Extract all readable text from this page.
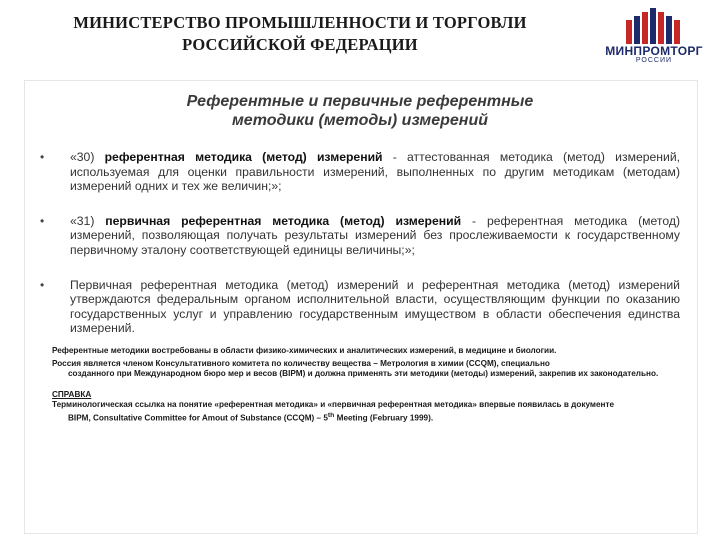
МИНИСТЕРСТВО ПРОМЫШЛЕННОСТИ И ТОРГОВЛИ
РОССИЙСКОЙ ФЕДЕРАЦИИ	МИНПРОМТОРГ
РОССИИ
Референтные и первичные референтные
методики (методы) измерений
• «30) референтная методика (метод) измерений - аттестованная методика (метод) измерений, используемая для оценки правильности измерений, выполненных по другим методикам (методам) измерений одних и тех же величин;»;
• «31) первичная референтная методика (метод) измерений - референтная методика (метод) измерений, позволяющая получать результаты измерений без прослеживаемости к государственному первичному эталону соответствующей единицы величины;»;
• Первичная референтная методика (метод) измерений и референтная методика (метод) измерений утверждаются федеральным органом исполнительной власти, осуществляющим функции по оказанию государственных услуг и управлению государственным имуществом в области обеспечения единства измерений.

Референтные методики востребованы в области физико-химических и аналитических измерений, в медицине и биологии.

Россия является членом Консультативного комитета по количеству вещества – Метрология в химии (CCQM), специально
созданного при Международном бюро мер и весов (BIPM) и должна применять эти методики (методы) измерений, закрепив их законодательно.

СПРАВКА

Терминологическая ссылка на понятие «референтная методика» и «первичная референтная методика» впервые появилась в документе
BIPM, Consultative Committee for Amout of Substance (CCQM) – 5th Meeting (February 1999).
